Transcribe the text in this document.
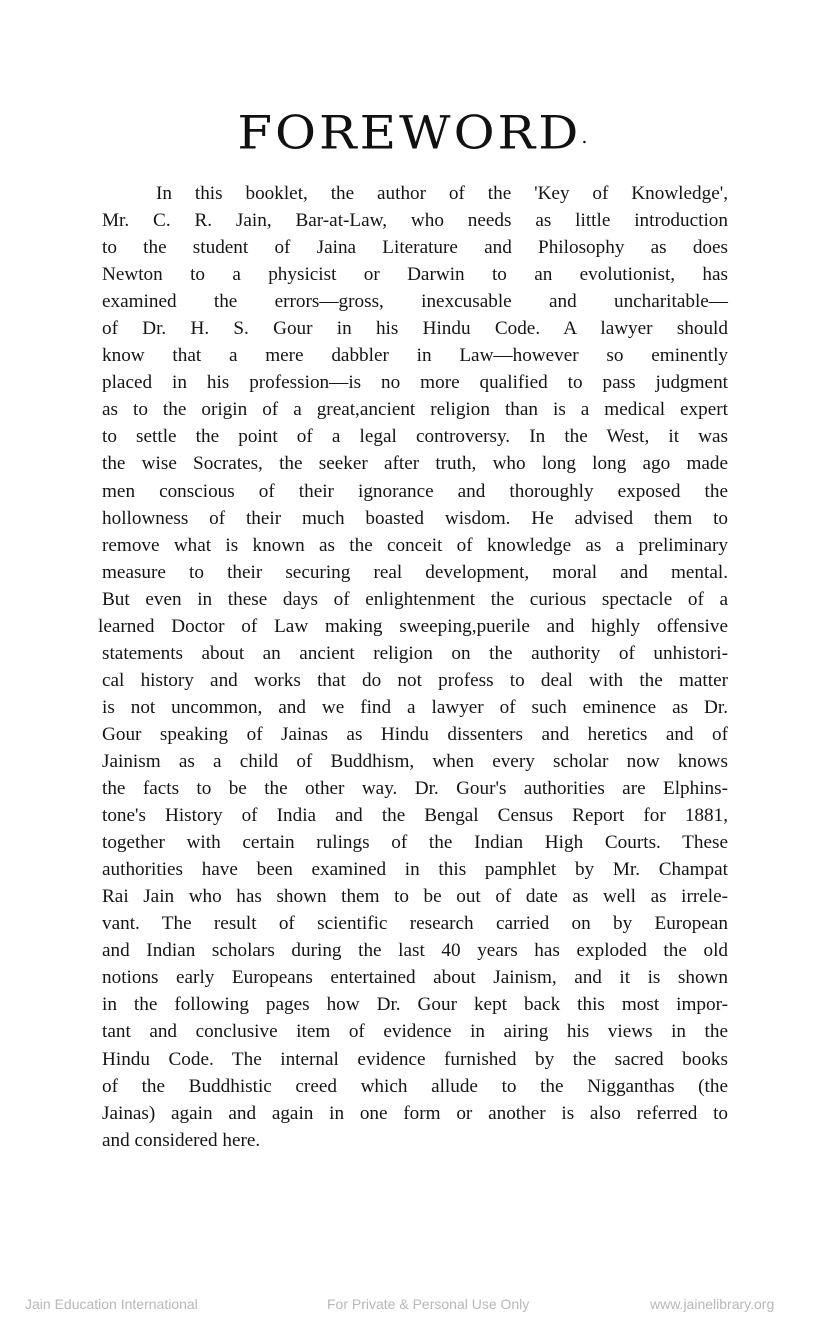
FOREWORD.
In this booklet, the author of the 'Key of Knowledge',
Mr. C. R. Jain, Bar-at-Law, who needs as little introduction
to the student of Jaina Literature and Philosophy as does
Newton to a physicist or Darwin to an evolutionist, has
examined the errors—gross, inexcusable and uncharitable—
of Dr. H. S. Gour in his Hindu Code. A lawyer should
know that a mere dabbler in Law—however so eminently
placed in his profession—is no more qualified to pass judgment
as to the origin of a great,ancient religion than is a medical expert
to settle the point of a legal controversy. In the West, it was
the wise Socrates, the seeker after truth, who long long ago made
men conscious of their ignorance and thoroughly exposed the
hollowness of their much boasted wisdom. He advised them to
remove what is known as the conceit of knowledge as a preliminary
measure to their securing real development, moral and mental.
But even in these days of enlightenment the curious spectacle of a
learned Doctor of Law making sweeping,puerile and highly offensive
statements about an ancient religion on the authority of unhistori-
cal history and works that do not profess to deal with the matter
is not uncommon, and we find a lawyer of such eminence as Dr.
Gour speaking of Jainas as Hindu dissenters and heretics and of
Jainism as a child of Buddhism, when every scholar now knows
the facts to be the other way. Dr. Gour's authorities are Elphins-
tone's History of India and the Bengal Census Report for 1881,
together with certain rulings of the Indian High Courts. These
authorities have been examined in this pamphlet by Mr. Champat
Rai Jain who has shown them to be out of date as well as irrele-
vant. The result of scientific research carried on by European
and Indian scholars during the last 40 years has exploded the old
notions early Europeans entertained about Jainism, and it is shown
in the following pages how Dr. Gour kept back this most impor-
tant and conclusive item of evidence in airing his views in the
Hindu Code. The internal evidence furnished by the sacred books
of the Buddhistic creed which allude to the Nigganthas (the
Jainas) again and again in one form or another is also referred to
and considered here.
Jain Education International	For Private & Personal Use Only	www.jainelibrary.org
